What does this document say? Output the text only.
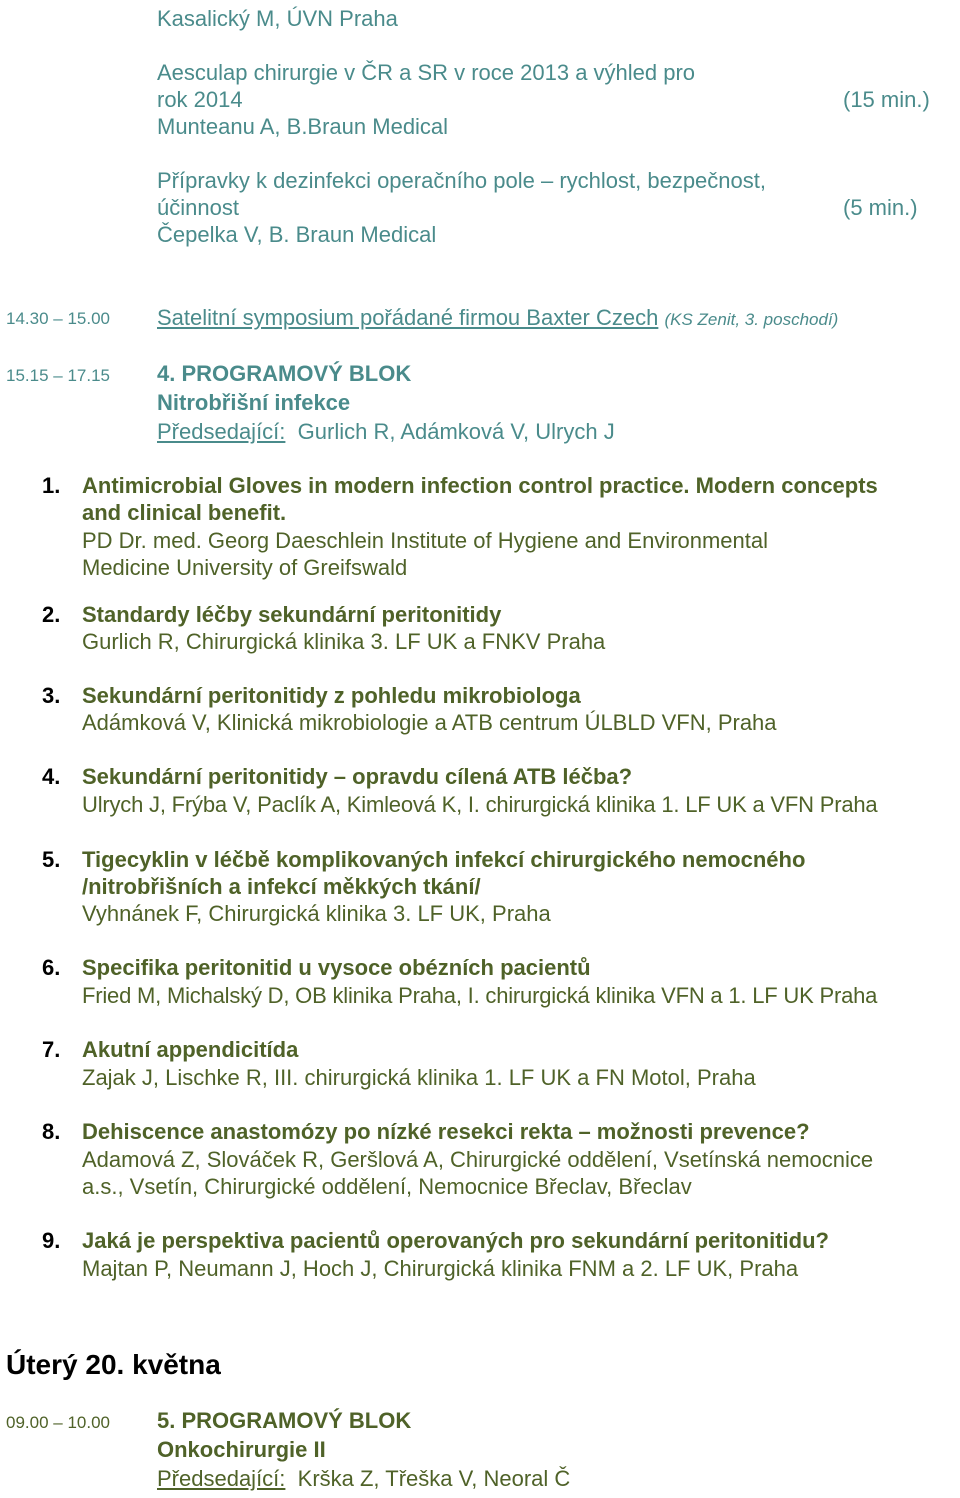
Kasalický M, ÚVN Praha
Aesculap chirurgie v ČR a SR v roce 2013 a výhled pro
rok 2014	(15 min.)
Munteanu A, B.Braun Medical
Přípravky k dezinfekci operačního pole – rychlost, bezpečnost,
účinnost	(5 min.)
Čepelka V, B. Braun Medical
14.30 – 15.00 Satelitní symposium pořádané firmou Baxter Czech (KS Zenit, 3. poschodí)
15.15 – 17.15 4. PROGRAMOVÝ BLOK
Nitrobřišní infekce
Předsedající: Gurlich R, Adámková V, Ulrych J
1. Antimicrobial Gloves in modern infection control practice. Modern concepts
and clinical benefit.
PD Dr. med. Georg Daeschlein Institute of Hygiene and Environmental
Medicine University of Greifswald
2. Standardy léčby sekundární peritonitidy
Gurlich R, Chirurgická klinika 3. LF UK a FNKV Praha
3. Sekundární peritonitidy z pohledu mikrobiologa
Adámková V, Klinická mikrobiologie a ATB centrum ÚLBLD VFN, Praha
4. Sekundární peritonitidy – opravdu cílená ATB léčba?
Ulrych J, Frýba V, Paclík A, Kimleová K, I. chirurgická klinika 1. LF UK a VFN Praha
5. Tigecyklin v léčbě komplikovaných infekcí chirurgického nemocného
/nitrobřišních a infekcí měkkých tkání/
Vyhnánek F, Chirurgická klinika 3. LF UK, Praha
6. Specifika peritonitid u vysoce obézních pacientů
Fried M, Michalský D, OB klinika Praha, I. chirurgická klinika VFN a 1. LF UK Praha
7. Akutní appendicitída
Zajak J, Lischke R, III. chirurgická klinika 1. LF UK a FN Motol, Praha
8. Dehiscence anastomózy po nízké resekci rekta – možnosti prevence?
Adamová Z, Slováček R, Geršlová A, Chirurgické oddělení, Vsetínská nemocnice
a.s., Vsetín, Chirurgické oddělení, Nemocnice Břeclav, Břeclav
9. Jaká je perspektiva pacientů operovaných pro sekundární peritonitidu?
Majtan P, Neumann J, Hoch J, Chirurgická klinika FNM a 2. LF UK, Praha
Úterý 20. května
09.00 – 10.00 5. PROGRAMOVÝ BLOK
Onkochirurgie II
Předsedající: Krška Z, Třeška V, Neoral Č
